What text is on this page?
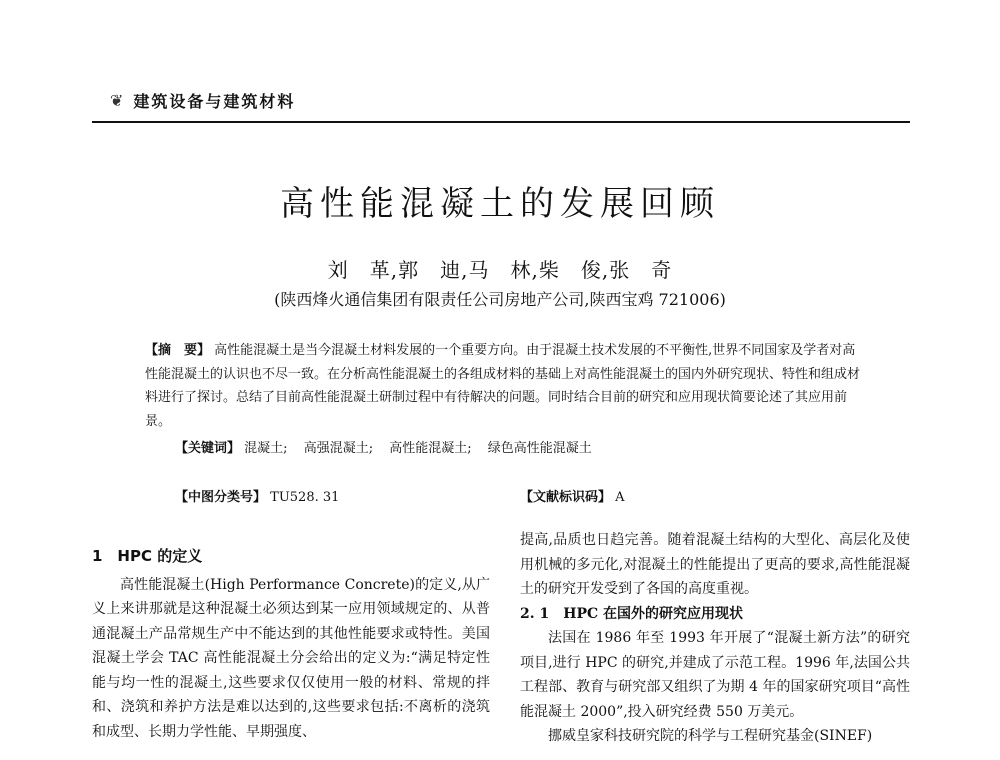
❦ 建筑设备与建筑材料
高性能混凝土的发展回顾
刘　革,郭　迪,马　林,柴　俊,张　奇
(陕西烽火通信集团有限责任公司房地产公司,陕西宝鸡 721006)
【摘　要】 高性能混凝土是当今混凝土材料发展的一个重要方向。由于混凝土技术发展的不平衡性,世界不同国家及学者对高性能混凝土的认识也不尽一致。在分析高性能混凝土的各组成材料的基础上对高性能混凝土的国内外研究现状、特性和组成材料进行了探讨。总结了目前高性能混凝土研制过程中有待解决的问题。同时结合目前的研究和应用现状简要论述了其应用前景。
【关键词】 混凝土; 高强混凝土; 高性能混凝土; 绿色高性能混凝土
【中图分类号】 TU528. 31	【文献标识码】 A

1　HPC 的定义

高性能混凝土(High Performance Concrete)的定义,从广义上来讲那就是这种混凝土必须达到某一应用领域规定的、从普通混凝土产品常规生产中不能达到的其他性能要求或特性。美国混凝土学会 TAC 高性能混凝土分会给出的定义为:“满足特定性能与均一性的混凝土,这些要求仅仅使用一般的材料、常规的拌和、浇筑和养护方法是难以达到的,这些要求包括:不离析的浇筑和成型、长期力学性能、早期强度、

提高,品质也日趋完善。随着混凝土结构的大型化、高层化及使用机械的多元化,对混凝土的性能提出了更高的要求,高性能混凝土的研究开发受到了各国的高度重视。

2. 1　HPC 在国外的研究应用现状

法国在 1986 年至 1993 年开展了“混凝土新方法”的研究项目,进行 HPC 的研究,并建成了示范工程。1996 年,法国公共工程部、教育与研究部又组织了为期 4 年的国家研究项目“高性能混凝土 2000”,投入研究经费 550 万美元。

挪威皇家科技研究院的科学与工程研究基金(SINEF)
